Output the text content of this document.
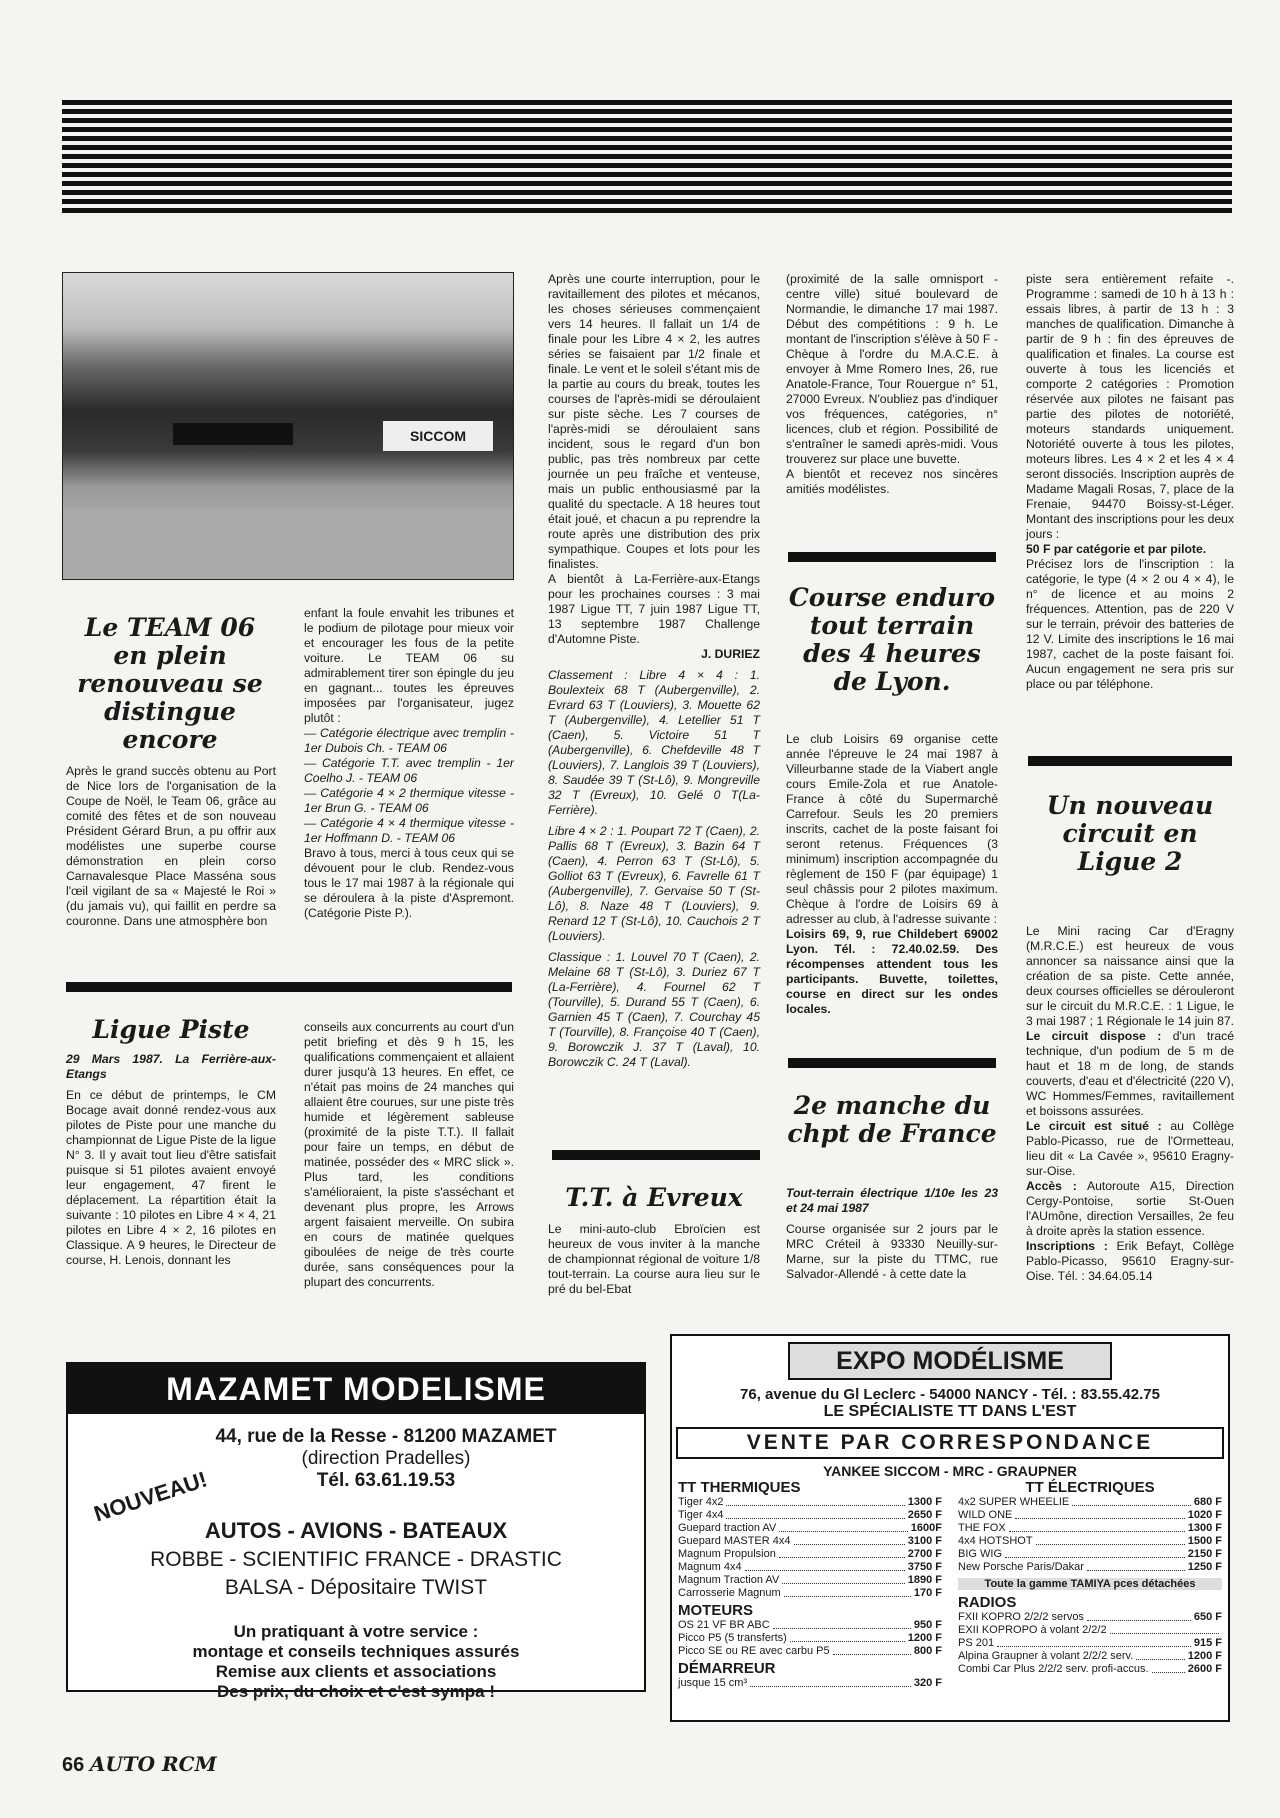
SICCOM
Le TEAM 06 en plein renouveau se distingue encore

Après le grand succès obtenu au Port de Nice lors de l'organisation de la Coupe de Noël, le Team 06, grâce au comité des fêtes et de son nouveau Président Gérard Brun, a pu offrir aux modélistes une superbe course démonstration en plein corso Carnavalesque Place Masséna sous l'œil vigilant de sa « Majesté le Roi » (du jamais vu), qui faillit en perdre sa couronne. Dans une atmosphère bon

enfant la foule envahit les tribunes et le podium de pilotage pour mieux voir et encourager les fous de la petite voiture. Le TEAM 06 su admirablement tirer son épingle du jeu en gagnant... toutes les épreuves imposées par l'organisateur, jugez plutôt :

— Catégorie électrique avec tremplin - 1er Dubois Ch. - TEAM 06

— Catégorie T.T. avec tremplin - 1er Coelho J. - TEAM 06

— Catégorie 4 × 2 thermique vitesse - 1er Brun G. - TEAM 06

— Catégorie 4 × 4 thermique vitesse - 1er Hoffmann D. - TEAM 06

Bravo à tous, merci à tous ceux qui se dévouent pour le club. Rendez-vous tous le 17 mai 1987 à la régionale qui se déroulera à la piste d'Aspremont. (Catégorie Piste P.).

Ligue Piste

29 Mars 1987. La Ferrière-aux-Etangs

En ce début de printemps, le CM Bocage avait donné rendez-vous aux pilotes de Piste pour une manche du championnat de Ligue Piste de la ligue N° 3. Il y avait tout lieu d'être satisfait puisque si 51 pilotes avaient envoyé leur engagement, 47 firent le déplacement. La répartition était la suivante : 10 pilotes en Libre 4 × 4, 21 pilotes en Libre 4 × 2, 16 pilotes en Classique. A 9 heures, le Directeur de course, H. Lenois, donnant les

conseils aux concurrents au court d'un petit briefing et dès 9 h 15, les qualifications commençaient et allaient durer jusqu'à 13 heures. En effet, ce n'était pas moins de 24 manches qui allaient être courues, sur une piste très humide et légèrement sableuse (proximité de la piste T.T.). Il fallait pour faire un temps, en début de matinée, posséder des « MRC slick ». Plus tard, les conditions s'amélioraient, la piste s'asséchant et devenant plus propre, les Arrows argent faisaient merveille. On subira en cours de matinée quelques giboulées de neige de très courte durée, sans conséquences pour la plupart des concurrents.

Après une courte interruption, pour le ravitaillement des pilotes et mécanos, les choses sérieuses commençaient vers 14 heures. Il fallait un 1/4 de finale pour les Libre 4 × 2, les autres séries se faisaient par 1/2 finale et finale. Le vent et le soleil s'étant mis de la partie au cours du break, toutes les courses de l'après-midi se déroulaient sur piste sèche. Les 7 courses de l'après-midi se déroulaient sans incident, sous le regard d'un bon public, pas très nombreux par cette journée un peu fraîche et venteuse, mais un public enthousiasmé par la qualité du spectacle. A 18 heures tout était joué, et chacun a pu reprendre la route après une distribution des prix sympathique. Coupes et lots pour les finalistes.

A bientôt à La-Ferrière-aux-Etangs pour les prochaines courses : 3 mai 1987 Ligue TT, 7 juin 1987 Ligue TT, 13 septembre 1987 Challenge d'Automne Piste.

J. DURIEZ

Classement : Libre 4 × 4 : 1. Boulexteix 68 T (Aubergenville), 2. Evrard 63 T (Louviers), 3. Mouette 62 T (Aubergenville), 4. Letellier 51 T (Caen), 5. Victoire 51 T (Aubergenville), 6. Chefdeville 48 T (Louviers), 7. Langlois 39 T (Louviers), 8. Saudée 39 T (St-Lô), 9. Mongreville 32 T (Evreux), 10. Gelé 0 T(La-Ferrière).

Libre 4 × 2 : 1. Poupart 72 T (Caen), 2. Pallis 68 T (Evreux), 3. Bazin 64 T (Caen), 4. Perron 63 T (St-Lô), 5. Golliot 63 T (Evreux), 6. Favrelle 61 T (Aubergenville), 7. Gervaise 50 T (St-Lô), 8. Naze 48 T (Louviers), 9. Renard 12 T (St-Lô), 10. Cauchois 2 T (Louviers).

Classique : 1. Louvel 70 T (Caen), 2. Melaine 68 T (St-Lô), 3. Duriez 67 T (La-Ferrière), 4. Fournel 62 T (Tourville), 5. Durand 55 T (Caen), 6. Garnien 45 T (Caen), 7. Courchay 45 T (Tourville), 8. Françoise 40 T (Caen), 9. Borowczik J. 37 T (Laval), 10. Borowczik C. 24 T (Laval).

T.T. à Evreux

Le mini-auto-club Ebroïcien est heureux de vous inviter à la manche de championnat régional de voiture 1/8 tout-terrain. La course aura lieu sur le pré du bel-Ebat

(proximité de la salle omnisport - centre ville) situé boulevard de Normandie, le dimanche 17 mai 1987. Début des compétitions : 9 h. Le montant de l'inscription s'élève à 50 F - Chèque à l'ordre du M.A.C.E. à envoyer à Mme Romero Ines, 26, rue Anatole-France, Tour Rouergue n° 51, 27000 Evreux. N'oubliez pas d'indiquer vos fréquences, catégories, n° licences, club et région. Possibilité de s'entraîner le samedi après-midi. Vous trouverez sur place une buvette.

A bientôt et recevez nos sincères amitiés modélistes.

Course enduro tout terrain des 4 heures de Lyon.

Le club Loisirs 69 organise cette année l'épreuve le 24 mai 1987 à Villeurbanne stade de la Viabert angle cours Emile-Zola et rue Anatole-France à côté du Supermarché Carrefour. Seuls les 20 premiers inscrits, cachet de la poste faisant foi seront retenus. Fréquences (3 minimum) inscription accompagnée du règlement de 150 F (par équipage) 1 seul châssis pour 2 pilotes maximum. Chèque à l'ordre de Loisirs 69 à adresser au club, à l'adresse suivante :

Loisirs 69, 9, rue Childebert 69002 Lyon. Tél. : 72.40.02.59. Des récompenses attendent tous les participants. Buvette, toilettes, course en direct sur les ondes locales.

2e manche du chpt de France

Tout-terrain électrique 1/10e les 23 et 24 mai 1987

Course organisée sur 2 jours par le MRC Créteil à 93330 Neuilly-sur-Marne, sur la piste du TTMC, rue Salvador-Allendé - à cette date la

piste sera entièrement refaite -. Programme : samedi de 10 h à 13 h : essais libres, à partir de 13 h : 3 manches de qualification. Dimanche à partir de 9 h : fin des épreuves de qualification et finales. La course est ouverte à tous les licenciés et comporte 2 catégories : Promotion réservée aux pilotes ne faisant pas partie des pilotes de notoriété, moteurs standards uniquement. Notoriété ouverte à tous les pilotes, moteurs libres. Les 4 × 2 et les 4 × 4 seront dissociés. Inscription auprès de Madame Magali Rosas, 7, place de la Frenaie, 94470 Boissy-st-Léger. Montant des inscriptions pour les deux jours :

50 F par catégorie et par pilote.

Précisez lors de l'inscription : la catégorie, le type (4 × 2 ou 4 × 4), le n° de licence et au moins 2 fréquences. Attention, pas de 220 V sur le terrain, prévoir des batteries de 12 V. Limite des inscriptions le 16 mai 1987, cachet de la poste faisant foi. Aucun engagement ne sera pris sur place ou par téléphone.

Un nouveau circuit en Ligue 2

Le Mini racing Car d'Eragny (M.R.C.E.) est heureux de vous annoncer sa naissance ainsi que la création de sa piste. Cette année, deux courses officielles se dérouleront sur le circuit du M.R.C.E. : 1 Ligue, le 3 mai 1987 ; 1 Régionale le 14 juin 87.

Le circuit dispose : d'un tracé technique, d'un podium de 5 m de haut et 18 m de long, de stands couverts, d'eau et d'électricité (220 V), WC Hommes/Femmes, ravitaillement et boissons assurées.

Le circuit est situé : au Collège Pablo-Picasso, rue de l'Ormetteau, lieu dit « La Cavée », 95610 Eragny-sur-Oise.

Accès : Autoroute A15, Direction Cergy-Pontoise, sortie St-Ouen l'AUmône, direction Versailles, 2e feu à droite après la station essence.

Inscriptions : Erik Befayt, Collège Pablo-Picasso, 95610 Eragny-sur-Oise. Tél. : 34.64.05.14

MAZAMET MODELISME
44, rue de la Resse - 81200 MAZAMET
(direction Pradelles)
Tél. 63.61.19.53
NOUVEAU!
AUTOS - AVIONS - BATEAUX
ROBBE - SCIENTIFIC FRANCE - DRASTIC
BALSA - Dépositaire TWIST
Un pratiquant à votre service :
montage et conseils techniques assurés
Remise aux clients et associations
Des prix, du choix et c'est sympa !
EXPO MODÉLISME
76, avenue du Gl Leclerc - 54000 NANCY - Tél. : 83.55.42.75
LE SPÉCIALISTE TT DANS L'EST
VENTE PAR CORRESPONDANCE
YANKEE SICCOM - MRC - GRAUPNER
TT THERMIQUES
Tiger 4x2	1300 F
Tiger 4x4	2650 F
Guepard traction AV	1600F
Guepard MASTER 4x4	3100 F
Magnum Propulsion	2700 F
Magnum 4x4	3750 F
Magnum Traction AV	1890 F
Carrosserie Magnum	170 F
MOTEURS
OS 21 VF BR ABC	950 F
Picco P5 (5 transferts)	1200 F
Picco SE ou RE avec carbu P5	800 F
DÉMARREUR
jusque 15 cm³	320 F
TT ÉLECTRIQUES
4x2 SUPER WHEELIE	680 F
WILD ONE	1020 F
THE FOX	1300 F
4x4 HOTSHOT	1500 F
BIG WIG	2150 F
New Porsche Paris/Dakar	1250 F
Toute la gamme TAMIYA pces détachées
RADIOS
FXII KOPRO 2/2/2 servos	650 F
EXII KOPROPO à volant 2/2/2
PS 201	915 F
Alpina Graupner à volant 2/2/2 serv.	1200 F
Combi Car Plus 2/2/2 serv. profi-accus.	2600 F
66 AUTO RCM
